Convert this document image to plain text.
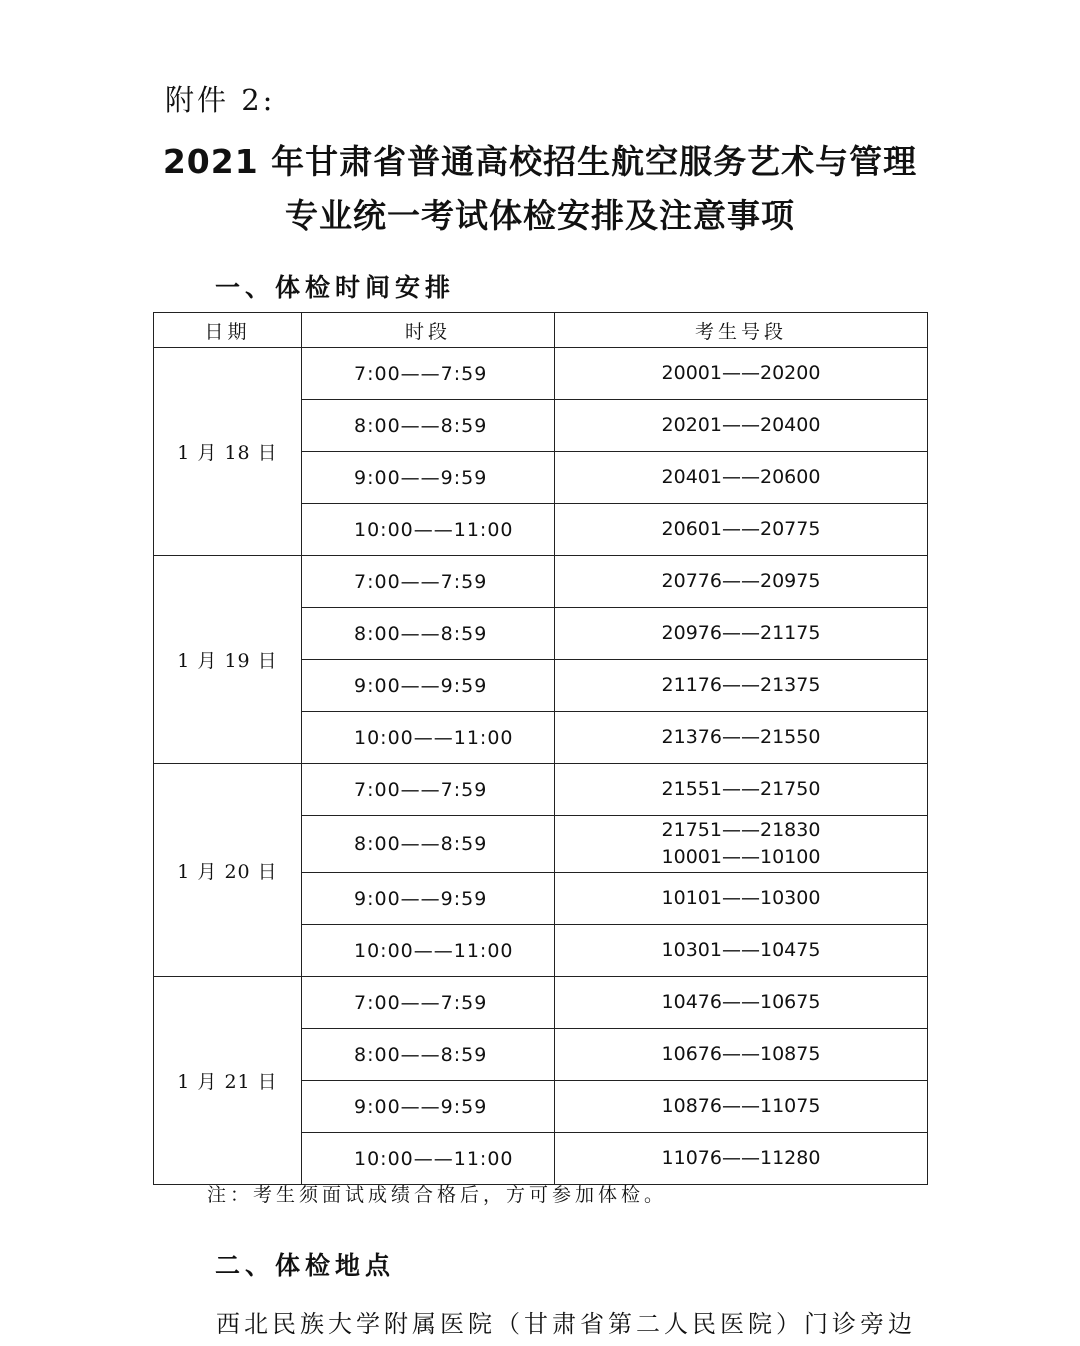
附件 2:
2021 年甘肃省普通高校招生航空服务艺术与管理
专业统一考试体检安排及注意事项
一、体检时间安排
日期	时段	考生号段
1 月 18 日	7:00——7:59	20001——20200

	8:00——8:59	20201——20400

	9:00——9:59	20401——20600

	10:00——11:00	20601——20775

1 月 19 日	7:00——7:59	20776——20975

	8:00——8:59	20976——21175

	9:00——9:59	21176——21375

	10:00——11:00	21376——21550

1 月 20 日	7:00——7:59	21551——21750

	8:00——8:59	21751——21830
10001——10100

	9:00——9:59	10101——10300

	10:00——11:00	10301——10475

1 月 21 日	7:00——7:59	10476——10675

	8:00——8:59	10676——10875

	9:00——9:59	10876——11075

	10:00——11:00	11076——11280
注：考生须面试成绩合格后，方可参加体检。
二、体检地点
西北民族大学附属医院（甘肃省第二人民医院）门诊旁边
